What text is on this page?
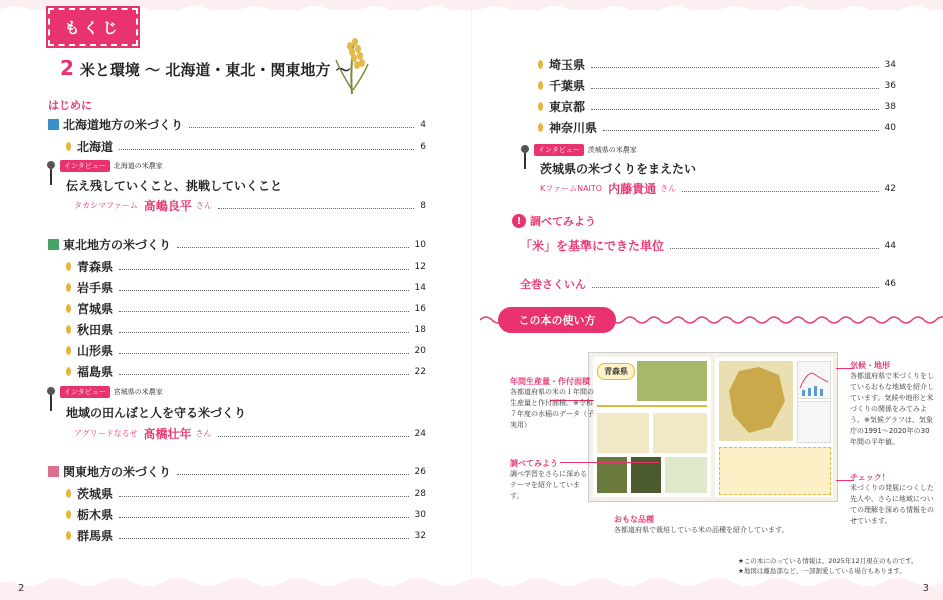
もくじ
2 米と環境 ～ 北海道・東北・関東地方 ～
はじめに
北海道地方の米づくり	4
北海道	6
インタビュー	北海道の米農家
伝え残していくこと、挑戦していくこと
タカシマファーム 髙嶋良平 さん	8
東北地方の米づくり	10
青森県	12
岩手県	14
宮城県	16
秋田県	18
山形県	20
福島県	22
インタビュー	宮城県の米農家
地域の田んぼと人を守る米づくり
アグリードなるせ 髙橋壮年 さん	24
関東地方の米づくり	26
茨城県	28
栃木県	30
群馬県	32
2
埼玉県	34
千葉県	36
東京都	38
神奈川県	40
インタビュー	茨城県の米農家
茨城県の米づくりをまえたい
KファームNAITO 内藤貴通 さん	42
! 調べてみよう
「米」を基準にできた単位	44
全巻さくいん	46
この本の使い方
青森県
年間生産量・作付面積
各都道府県の米の１年間の生産量と作付面積。※令和７年度の水稲のデータ（子実用）
調べてみよう
調べ学習をさらに深めるテーマを紹介しています。
おもな品種
各都道府県で栽培している米の品種を紹介しています。
気候・地形
各都道府県で米づくりをしているおもな地域を紹介しています。気候や地形と米づくりの関係をみてみよう。※気候グラフは、気象庁の1991～2020年の30年間の平年値。
チェック！
米づくりの発展につくした先人や、さらに地域についての理解を深める情報をのせています。
★この本にのっている情報は、2025年12月現在のものです。
★地図は離島部など、一部割愛している場合もあります。
3
